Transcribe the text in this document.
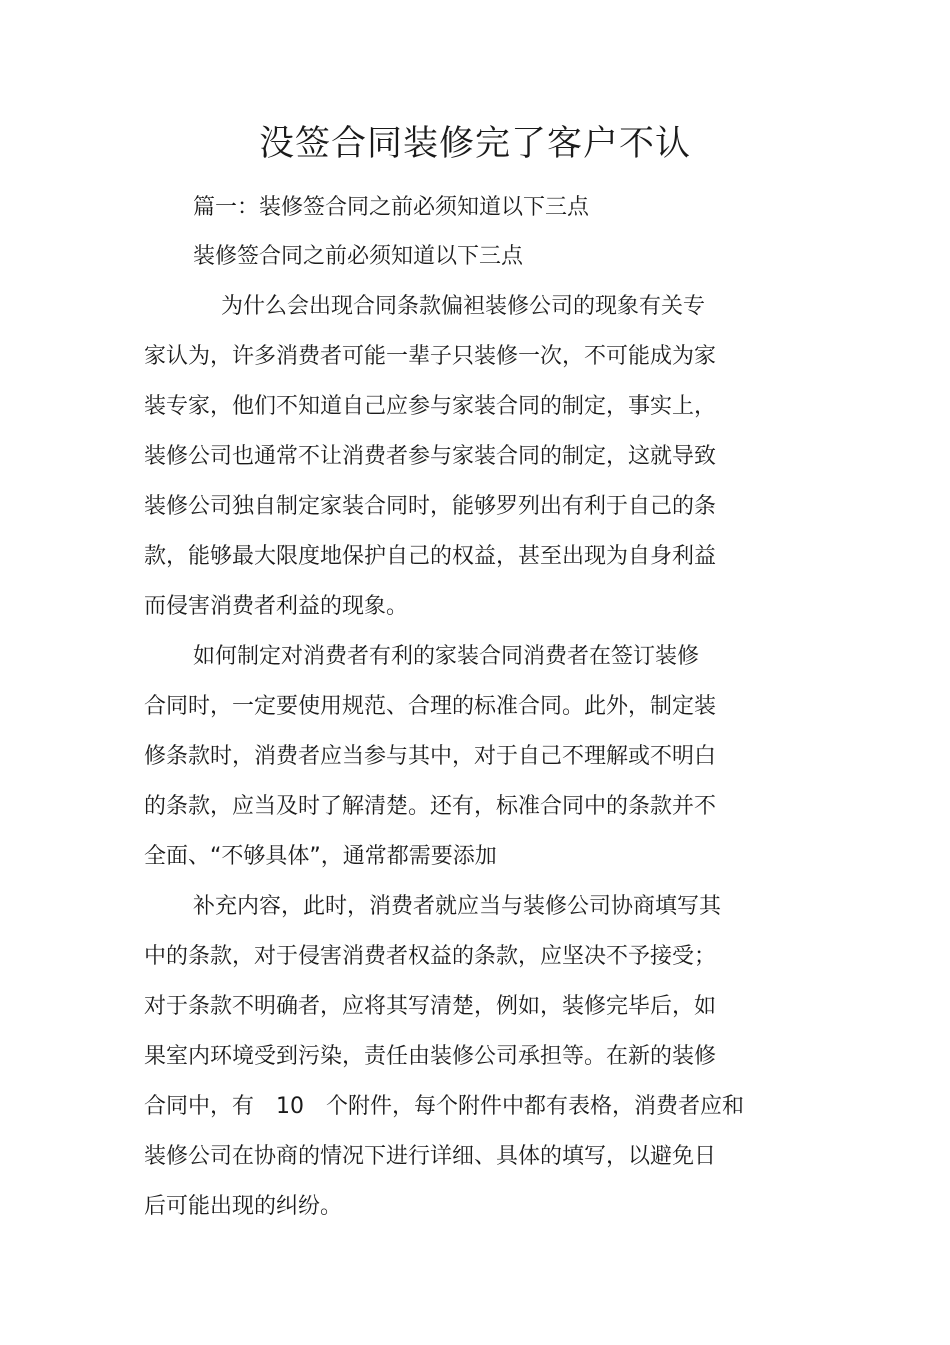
没签合同装修完了客户不认

篇一：装修签合同之前必须知道以下三点

装修签合同之前必须知道以下三点

为什么会出现合同条款偏袒装修公司的现象有关专

家认为，许多消费者可能一辈子只装修一次，不可能成为家

装专家，他们不知道自己应参与家装合同的制定，事实上，

装修公司也通常不让消费者参与家装合同的制定，这就导致

装修公司独自制定家装合同时，能够罗列出有利于自己的条

款，能够最大限度地保护自己的权益，甚至出现为自身利益

而侵害消费者利益的现象。

如何制定对消费者有利的家装合同消费者在签订装修

合同时，一定要使用规范、合理的标准合同。此外，制定装

修条款时，消费者应当参与其中，对于自己不理解或不明白

的条款，应当及时了解清楚。还有，标准合同中的条款并不

全面、“不够具体”，通常都需要添加

补充内容，此时，消费者就应当与装修公司协商填写其

中的条款，对于侵害消费者权益的条款，应坚决不予接受；

对于条款不明确者，应将其写清楚，例如，装修完毕后，如

果室内环境受到污染，责任由装修公司承担等。在新的装修

合同中，有　10　个附件，每个附件中都有表格，消费者应和

装修公司在协商的情况下进行详细、具体的填写，以避免日

后可能出现的纠纷。
